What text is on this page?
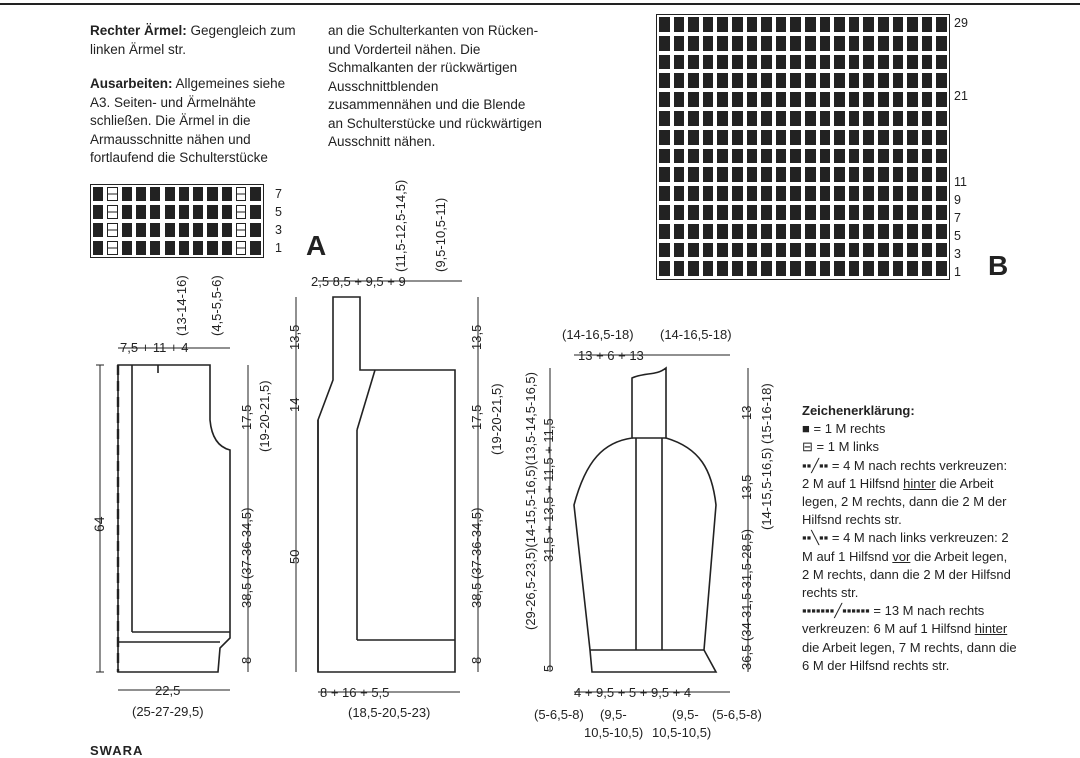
Rechter Ärmel: Gegengleich zum linken Ärmel str.

Ausarbeiten: Allgemeines siehe A3. Seiten- und Ärmelnähte schließen. Die Ärmel in die Armausschnitte nähen und fortlaufend die Schulterstücke

an die Schulterkanten von Rücken- und Vorderteil nähen. Die Schmalkanten der rückwärtigen Ausschnittblenden zusammennähen und die Blende an Schulterstücke und rückwärtigen Ausschnitt nähen.

7
5
3
1 A
29
21
11
9
7
5
3
1 B
7,5 + 11 + 4
(13-14-16) (4,5-5,5-6)
64
17,5 (19-20-21,5)
38,5 (37-36-34,5)
8
22,5
(25-27-29,5)
2,5 8,5 + 9,5 + 9
(11,5-12,5-14,5) (9,5-10,5-11)
13,5
14
50
13,5
17,5 (19-20-21,5)
38,5 (37-36-34,5)
8
8 + 16 + 5,5
(18,5-20,5-23)
(14-16,5-18) (14-16,5-18)
13 + 6 + 13
(29-26,5-23,5)(14-15,5-16,5)(13,5-14,5-16,5) 31,5 + 13,5 + 11,5 + 11,5
5
13
13,5 (14-15,5-16,5) (15-16-18)
36,5 (34-31,5-31,5-28,5)
4 + 9,5 + 5 + 9,5 + 4
(5-6,5-8) (9,5-	(9,5- (5-6,5-8)
10,5-10,5) 10,5-10,5)

Zeichenerklärung:

■ = 1 M rechts

⊟ = 1 M links

▪▪╱▪▪ = 4 M nach rechts verkreuzen: 2 M auf 1 Hilfsnd hinter die Arbeit legen, 2 M rechts, dann die 2 M der Hilfsnd rechts str.

▪▪╲▪▪ = 4 M nach links verkreuzen: 2 M auf 1 Hilfsnd vor die Arbeit legen, 2 M rechts, dann die 2 M der Hilfsnd rechts str.

▪▪▪▪▪▪▪╱▪▪▪▪▪▪ = 13 M nach rechts verkreuzen: 6 M auf 1 Hilfsnd hinter die Arbeit legen, 7 M rechts, dann die 6 M der Hilfsnd rechts str.

SWARA
